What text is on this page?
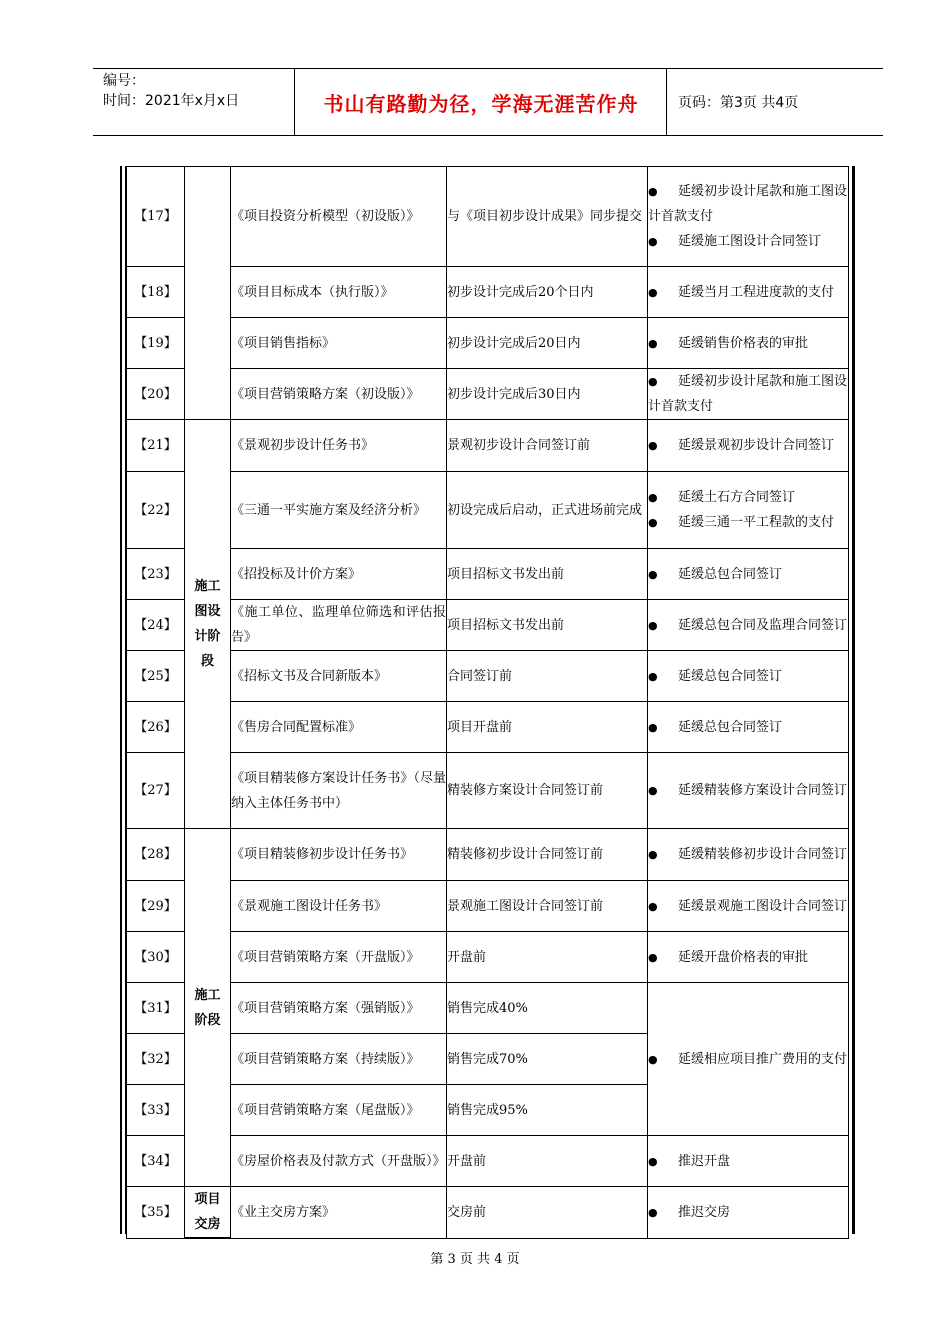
编号：
时间：2021年x月x日	书山有路勤为径，学海无涯苦作舟	页码：第3页 共4页
【17】		《项目投资分析模型（初设版）》	与《项目初步设计成果》同步提交	● 延缓初步设计尾款和施工图设计首款支付
● 延缓施工图设计合同签订

【18】		《项目目标成本（执行版）》	初步设计完成后20个日内	● 延缓当月工程进度款的支付

【19】		《项目销售指标》	初步设计完成后20日内	● 延缓销售价格表的审批

【20】		《项目营销策略方案（初设版）》	初步设计完成后30日内	● 延缓初步设计尾款和施工图设计首款支付

【21】	施工图设计阶段	《景观初步设计任务书》	景观初步设计合同签订前	● 延缓景观初步设计合同签订

【22】		《三通一平实施方案及经济分析》	初设完成后启动，正式进场前完成	● 延缓土石方合同签订
● 延缓三通一平工程款的支付

【23】		《招投标及计价方案》	项目招标文书发出前	● 延缓总包合同签订

【24】		《施工单位、监理单位筛选和评估报告》	项目招标文书发出前	● 延缓总包合同及监理合同签订

【25】		《招标文书及合同新版本》	合同签订前	● 延缓总包合同签订

【26】		《售房合同配置标准》	项目开盘前	● 延缓总包合同签订

【27】		《项目精装修方案设计任务书》（尽量纳入主体任务书中）	精装修方案设计合同签订前	● 延缓精装修方案设计合同签订

【28】	施工阶段	《项目精装修初步设计任务书》	精装修初步设计合同签订前	● 延缓精装修初步设计合同签订

【29】		《景观施工图设计任务书》	景观施工图设计合同签订前	● 延缓景观施工图设计合同签订

【30】		《项目营销策略方案（开盘版）》	开盘前	● 延缓开盘价格表的审批

【31】		《项目营销策略方案（强销版）》	销售完成40%	● 延缓相应项目推广费用的支付

【32】		《项目营销策略方案（持续版）》	销售完成70%	
【33】		《项目营销策略方案（尾盘版）》	销售完成95%	
【34】		《房屋价格表及付款方式（开盘版）》	开盘前	● 推迟开盘

【35】	项目交房	《业主交房方案》	交房前	● 推迟交房
第 3 页 共 4 页
